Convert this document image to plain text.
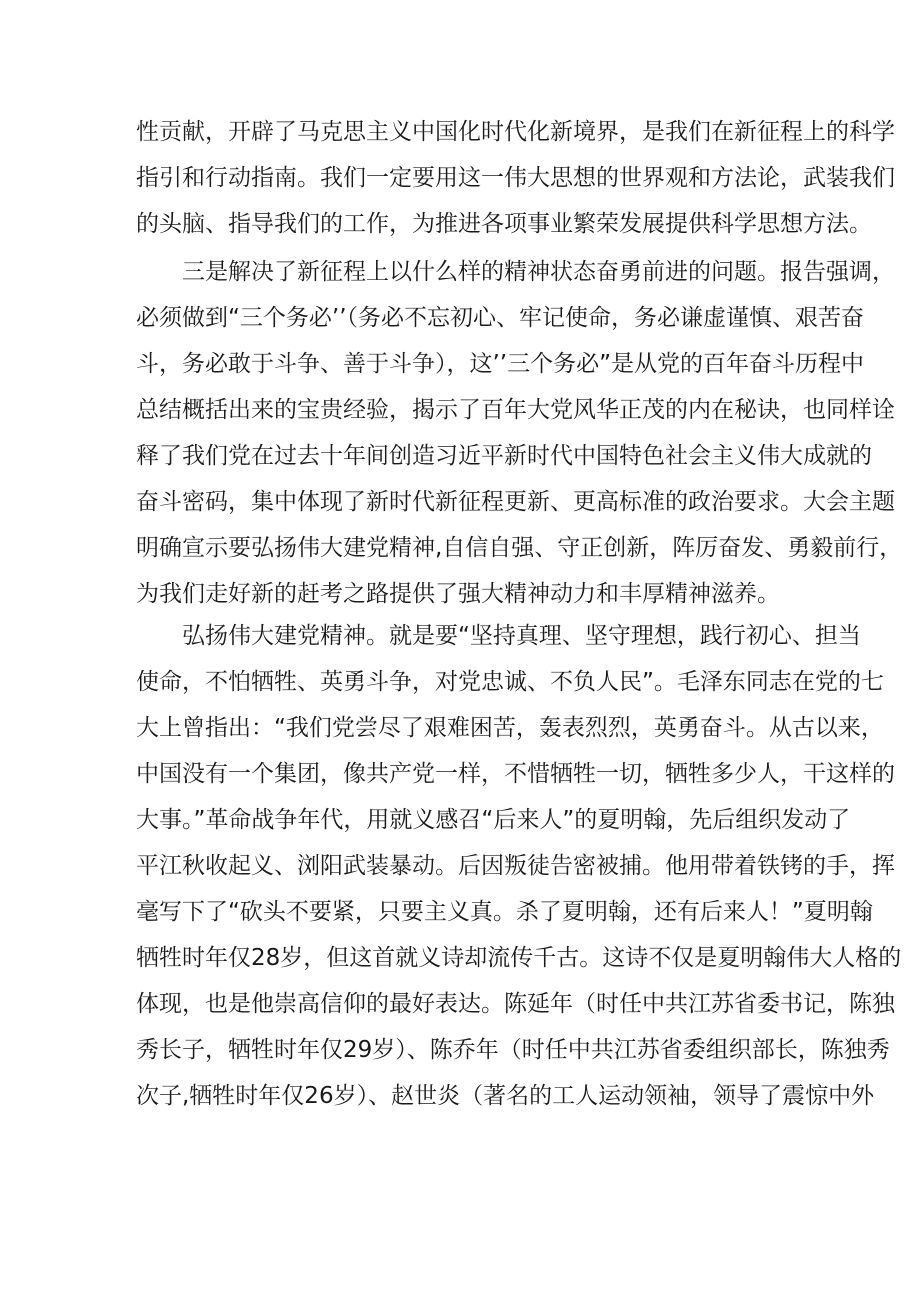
性贡献，开辟了马克思主义中国化时代化新境界，是我们在新征程上的科学
指引和行动指南。我们一定要用这一伟大思想的世界观和方法论，武装我们
的头脑、指导我们的工作，为推进各项事业繁荣发展提供科学思想方法。
三是解决了新征程上以什么样的精神状态奋勇前进的问题。报告强调，
必须做到“三个务必’’（务必不忘初心、牢记使命，务必谦虚谨慎、艰苦奋
斗，务必敢于斗争、善于斗争），这’’三个务必”是从党的百年奋斗历程中
总结概括出来的宝贵经验，揭示了百年大党风华正茂的内在秘诀，也同样诠
释了我们党在过去十年间创造习近平新时代中国特色社会主义伟大成就的
奋斗密码，集中体现了新时代新征程更新、更高标准的政治要求。大会主题
明确宣示要弘扬伟大建党精神,自信自强、守正创新，阵厉奋发、勇毅前行，
为我们走好新的赶考之路提供了强大精神动力和丰厚精神滋养。
弘扬伟大建党精神。就是要“坚持真理、坚守理想，践行初心、担当
使命，不怕牺牲、英勇斗争，对党忠诚、不负人民”。毛泽东同志在党的七
大上曾指出：“我们党尝尽了艰难困苦，轰表烈烈，英勇奋斗。从古以来，
中国没有一个集团，像共产党一样，不惜牺牲一切，牺牲多少人，干这样的
大事。”革命战争年代，用就义感召“后来人”的夏明翰，先后组织发动了
平江秋收起义、浏阳武装暴动。后因叛徒告密被捕。他用带着铁铐的手，挥
毫写下了“砍头不要紧，只要主义真。杀了夏明翰，还有后来人！”夏明翰
牺牲时年仅28岁，但这首就义诗却流传千古。这诗不仅是夏明翰伟大人格的
体现，也是他崇高信仰的最好表达。陈延年（时任中共江苏省委书记，陈独
秀长子，牺牲时年仅29岁）、陈乔年（时任中共江苏省委组织部长，陈独秀
次子,牺牲时年仅26岁）、赵世炎（著名的工人运动领袖，领导了震惊中外
